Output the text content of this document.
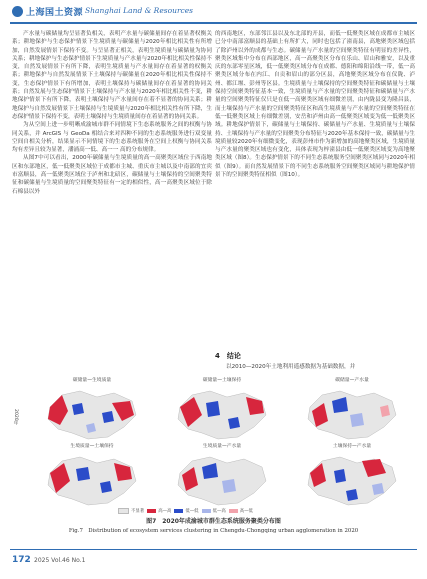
上海国土资源 Shanghai Land & Resources

产水量与碳储量均呈显著负相关，表明产水量与碳储量间存在着显著权衡关系；耕地保护与生态保护情景下生境质量与碳储量与2020年相比相关性有所增加，自然发展情景下保持不变。与呈显著正相关，表明生境质量与碳储量为协同关系；耕地保护与生态保护情景下生境质量与产水量与2020年相比相关性保持不变，自然发展情景下有所下降，表明生境质量与产水量间存在着显著的权衡关系；耕地保护与自然发展情景下土壤保持与碳储量在2020年相比相关性保持不变，生态保护情景下有所增加，表明土壤保持与碳储量间存在着显著的协同关系；自然发展与生态保护情景下土壤保持与产水量与2020年相比相关性不变，耕地保护情景下有所下降，表明土壤保持与产水量间存在着不显著的协同关系；耕地保护与自然发展情景下土壤保持与生境质量与2020年相比相关性有所下降，生态保护情景下保持不变，表明土壤保持与生境质量间存在着显著的协同关系。

为从空间上进一步明晰成渝城市群不同情境下生态系统服务之间的权衡与协同关系，并 ArcGIS 与 GeoDa 相结合来对四种不同的生态系统服务进行双变量空间自相关分析，结果显示不同情境下的生态系统服务在空间上权衡与协同关系均有差异且较为显著，潘涌高一低、高一一 高的分布规律。

从图7中可以看出，2000年碳储量与生境质量的高一高聚类区域位于西南地区和东部地区，低一低聚类区域位于成都市主城、重庆市主城以及中南部的宜宾市富顺县，高一低聚类区域位于泸州和北碚区，碳储量与土壤保持的空间聚类特征和碳储量与生境质量的空间聚类特征有一定的相似性，高一高聚类区域位于除石棉县以外

的西南地区，东部邻江县以及东北部的开县，而低一低聚类区域在成都市主城区已分中南部富顺县的基础上有所扩大，同时也包括了潼南县，高地聚类区域包括了除泸州以外的成都与生态。碳储量与产水量的空间聚类特征有明显的差异性，聚类区域集中分布在西部地区，高一高聚类区分布在乐山、眉山和雅安，以及重庆的东部零星区域，低一低聚类区域分布在成都、德阳和绵阳沿线一带，低一高聚类区域分布在内江、自贡和眉山的部分区县，高地聚类区域分布在仪陇、泸州、都江堰、彭州等区县。生境质量与土壤保持的空间聚类特征和碳储量与土壤保持空间聚类特征基本一致，生境质量与产水量的空间聚类特征和碳储量与产水量的空间聚类特征仅只是在低一高聚类区域有细微差别，由内陇县变为隆昌县，而土壤保持与产水量的空间聚类特征区和高生境质量与产水量的空间聚类特征在低一低聚类区域上有细微差别，安岳和泸州由高一低聚类区域变为低一低聚类区域。耕地保护情景下，碳储量与土壤保持、碳储量与产水量、生境质量与土壤保持、土壤保持与产水量的空间聚类分布特征与2020年基本保持一致，碳储量与生境质量较2020年有细微变化，表现彭州市作为新增加的高地聚类区域，生境质量与产水量的聚类区域也有变化，具体表现为梓潼县由低一低聚类区域变为高地聚类区域（图8）。生态保护情景下的不同生态系统服务空间聚类区域同与2020年相似（图9）。而自然发展情景下的不同生态系统服务空间聚类区域同与耕地保护情景下的空间聚类特征相似（图10）。

4　结论
以2010—2020年土地利用遥感数据为基础数据，并
2020年
碳储量—生境质量	碳储量—土壤保持	碳储量—产水量
生境质量—土壤保持	生境质量—产水量	土壤保持—产水量
不显著	高—高	低—低	低—高	高—低
图7　2020年成渝城市群生态系统服务聚类分布图
Fig.7　Distribution of ecosystem services clustering in Chengdu-Chongqing urban agglomeration in 2020
172 2025 Vol.46 No.1
